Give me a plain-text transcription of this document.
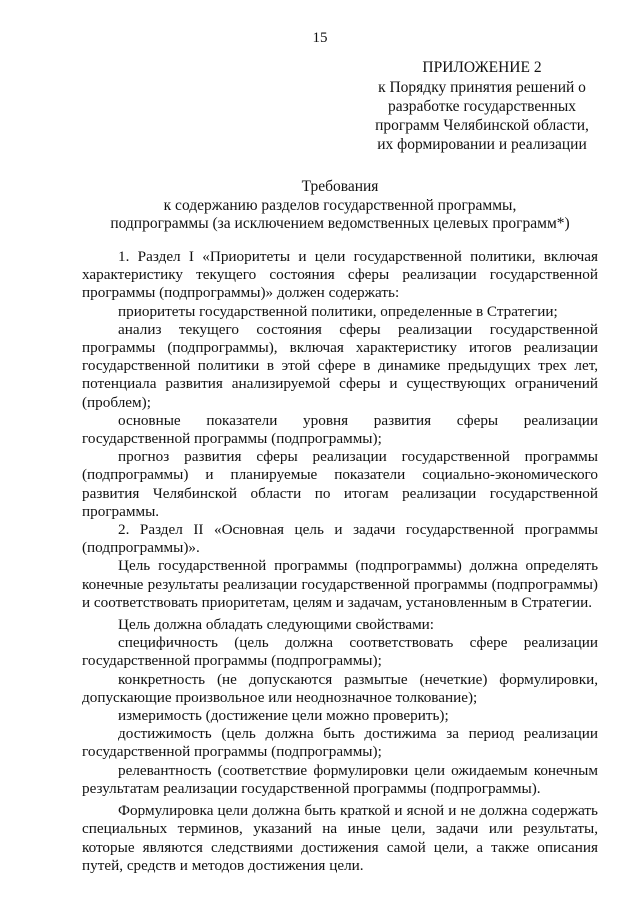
15
ПРИЛОЖЕНИЕ 2
к Порядку принятия решений о
разработке государственных
программ Челябинской области,
их формировании и реализации
Требования
к содержанию разделов государственной программы,
подпрограммы (за исключением ведомственных целевых программ*)

1. Раздел I «Приоритеты и цели государственной политики, включая характеристику текущего состояния сферы реализации государственной программы (подпрограммы)» должен содержать:

приоритеты государственной политики, определенные в Стратегии;

анализ текущего состояния сферы реализации государственной программы (подпрограммы), включая характеристику итогов реализации государственной политики в этой сфере в динамике предыдущих трех лет, потенциала развития анализируемой сферы и существующих ограничений (проблем);

основные показатели уровня развития сферы реализации государственной программы (подпрограммы);

прогноз развития сферы реализации государственной программы (подпрограммы) и планируемые показатели социально-экономического развития Челябинской области по итогам реализации государственной программы.

2. Раздел II «Основная цель и задачи государственной программы (подпрограммы)».

Цель государственной программы (подпрограммы) должна определять конечные результаты реализации государственной программы (подпрограммы) и соответствовать приоритетам, целям и задачам, установленным в Стратегии.

Цель должна обладать следующими свойствами:

специфичность (цель должна соответствовать сфере реализации государственной программы (подпрограммы);

конкретность (не допускаются размытые (нечеткие) формулировки, допускающие произвольное или неоднозначное толкование);

измеримость (достижение цели можно проверить);

достижимость (цель должна быть достижима за период реализации государственной программы (подпрограммы);

релевантность (соответствие формулировки цели ожидаемым конечным результатам реализации государственной программы (подпрограммы).

Формулировка цели должна быть краткой и ясной и не должна содержать специальных терминов, указаний на иные цели, задачи или результаты, которые являются следствиями достижения самой цели, а также описания путей, средств и методов достижения цели.
